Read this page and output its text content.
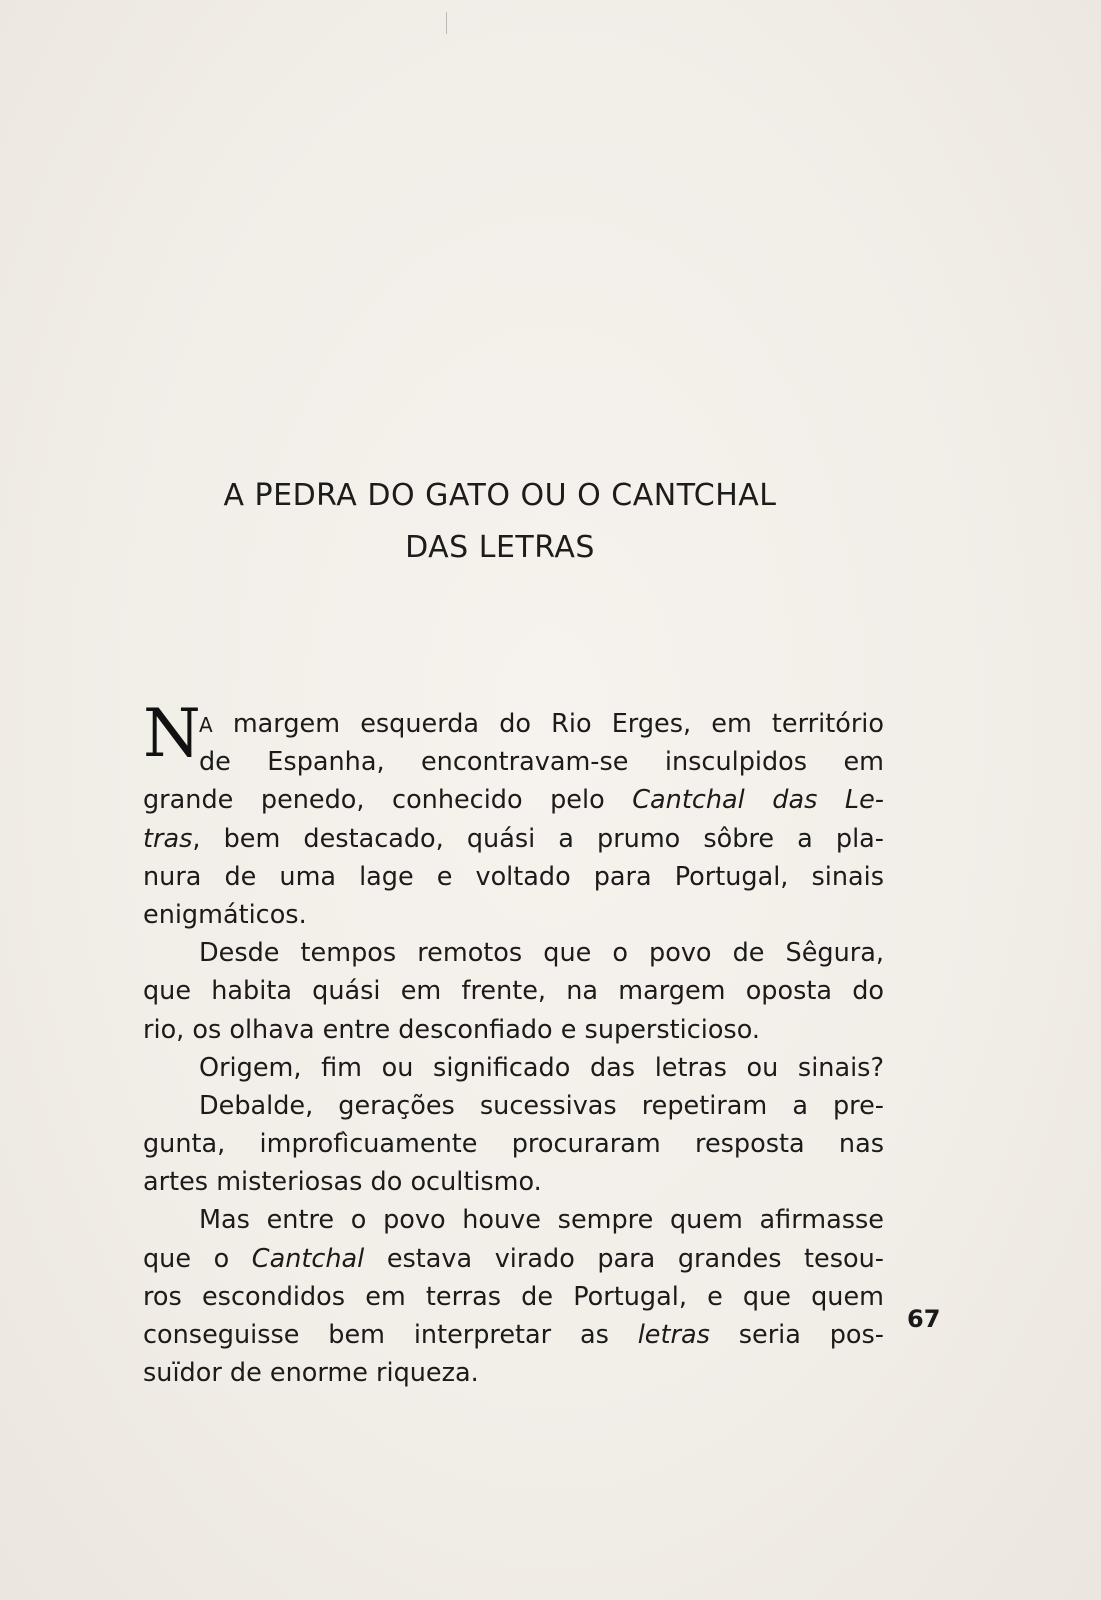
A PEDRA DO GATO OU O CANTCHAL
DAS LETRAS
N
A margem esquerda do Rio Erges, em território
de Espanha, encontravam-se insculpidos em
grande penedo, conhecido pelo Cantchal das Le-
tras, bem destacado, quási a prumo sôbre a pla-
nura de uma lage e voltado para Portugal, sinais
enigmáticos.
Desde tempos remotos que o povo de Sêgura,
que habita quási em frente, na margem oposta do
rio, os olhava entre desconfiado e supersticioso.
Origem, fim ou significado das letras ou sinais?
Debalde, gerações sucessivas repetiram a pre-
gunta, improfìcuamente procuraram resposta nas
artes misteriosas do ocultismo.
Mas entre o povo houve sempre quem afirmasse
que o Cantchal estava virado para grandes tesou-
ros escondidos em terras de Portugal, e que quem
conseguisse bem interpretar as letras seria pos-
suïdor de enorme riqueza.
67
